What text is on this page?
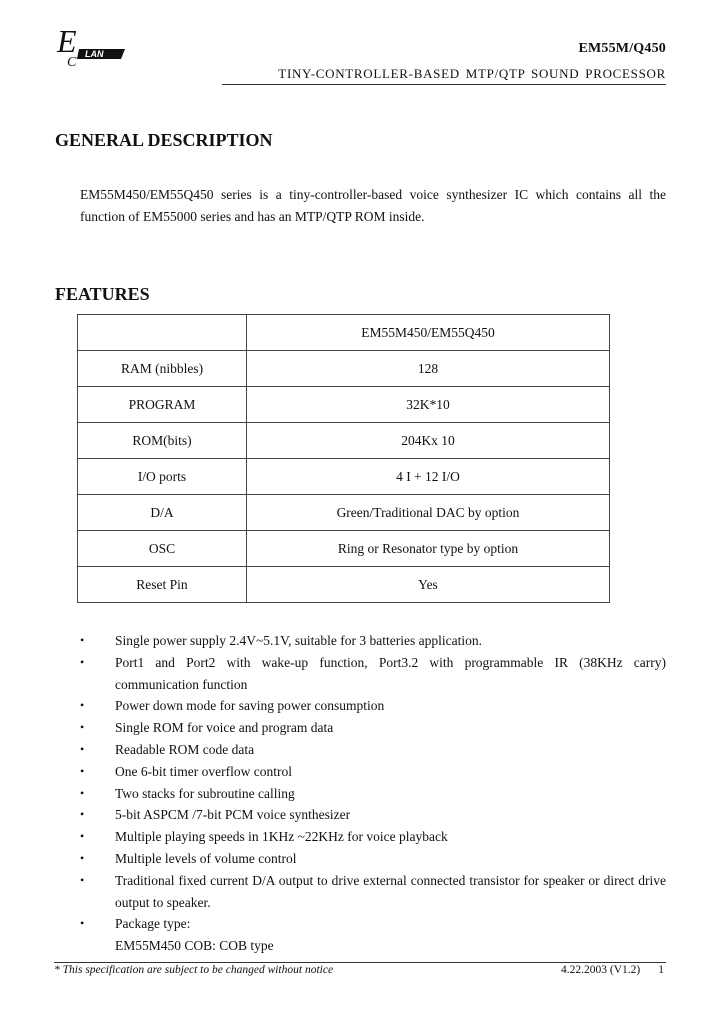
E
C
LAN	EM55M/Q450
TINY-CONTROLLER-BASED MTP/QTP SOUND PROCESSOR
GENERAL DESCRIPTION

EM55M450/EM55Q450 series is a tiny-controller-based voice synthesizer IC which contains all the function of EM55000 series and has an MTP/QTP ROM inside.

FEATURES
	EM55M450/EM55Q450
RAM (nibbles)	128
PROGRAM	32K*10
ROM(bits)	204Kx 10
I/O ports	4 I + 12 I/O
D/A	Green/Traditional DAC by option
OSC	Ring or Resonator type by option
Reset Pin	Yes
• Single power supply 2.4V~5.1V, suitable for 3 batteries application.
• Port1 and Port2 with wake-up function, Port3.2 with programmable IR (38KHz carry) communication function
• Power down mode for saving power consumption
• Single ROM for voice and program data
• Readable ROM code data
• One 6-bit timer overflow control
• Two stacks for subroutine calling
• 5-bit ASPCM /7-bit PCM voice synthesizer
• Multiple playing speeds in 1KHz ~22KHz for voice playback
• Multiple levels of volume control
• Traditional fixed current D/A output to drive external connected transistor for speaker or direct drive output to speaker.
• Package type:
EM55M450 COB: COB type
* This specification are subject to be changed without notice	4.22.2003 (V1.2) 1
